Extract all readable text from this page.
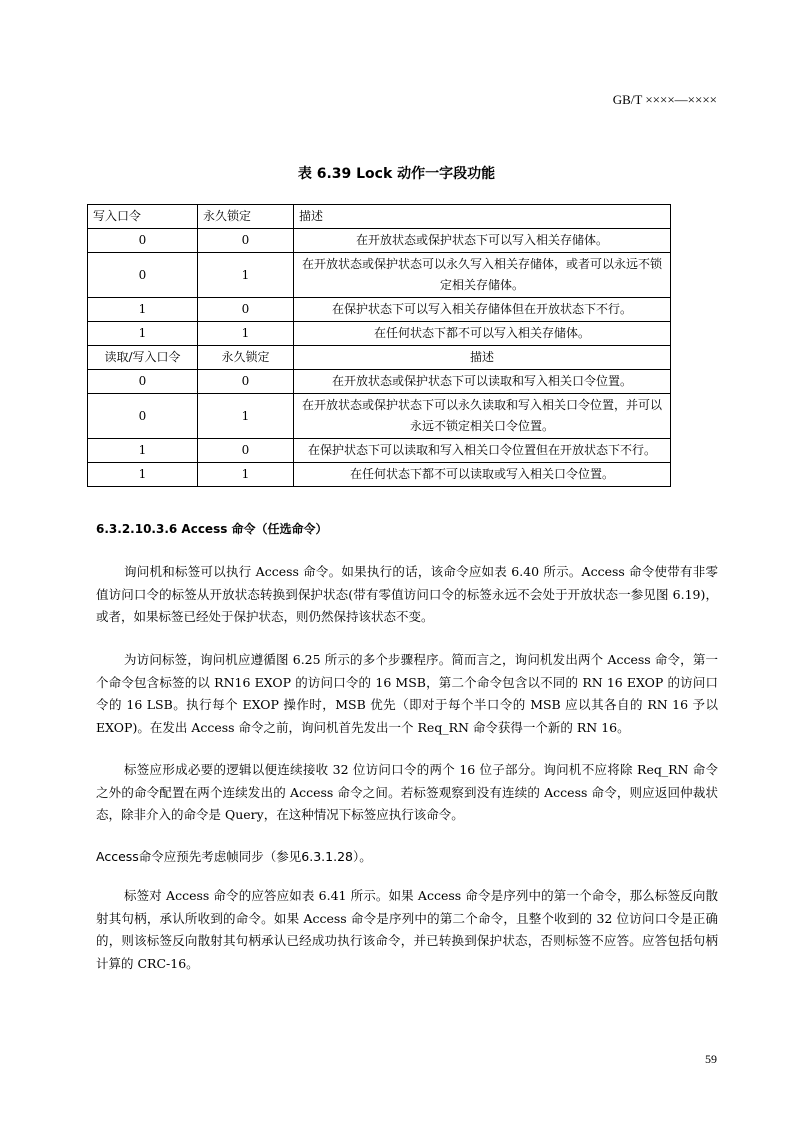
GB/T ××××—××××
表 6.39 Lock 动作一字段功能
写入口令	永久锁定	描述
0	0	在开放状态或保护状态下可以写入相关存储体。
0	1	在开放状态或保护状态可以永久写入相关存储体，或者可以永远不锁定相关存储体。
1	0	在保护状态下可以写入相关存储体但在开放状态下不行。
1	1	在任何状态下都不可以写入相关存储体。
读取/写入口令	永久锁定	描述
0	0	在开放状态或保护状态下可以读取和写入相关口令位置。
0	1	在开放状态或保护状态下可以永久读取和写入相关口令位置，并可以永远不锁定相关口令位置。
1	0	在保护状态下可以读取和写入相关口令位置但在开放状态下不行。
1	1	在任何状态下都不可以读取或写入相关口令位置。
6.3.2.10.3.6 Access 命令（任选命令）

询问机和标签可以执行 Access 命令。如果执行的话，该命令应如表 6.40 所示。Access 命令使带有非零值访问口令的标签从开放状态转换到保护状态(带有零值访问口令的标签永远不会处于开放状态一参见图 6.19)，或者，如果标签已经处于保护状态，则仍然保持该状态不变。

为访问标签，询问机应遵循图 6.25 所示的多个步骤程序。简而言之，询问机发出两个 Access 命令，第一个命令包含标签的以 RN16 EXOP 的访问口令的 16 MSB，第二个命令包含以不同的 RN 16 EXOP 的访问口令的 16 LSB。执行每个 EXOP 操作时，MSB 优先（即对于每个半口令的 MSB 应以其各自的 RN 16 予以 EXOP)。在发出 Access 命令之前，询问机首先发出一个 Req_RN 命令获得一个新的 RN 16。

标签应形成必要的逻辑以便连续接收 32 位访问口令的两个 16 位子部分。询问机不应将除 Req_RN 命令之外的命令配置在两个连续发出的 Access 命令之间。若标签观察到没有连续的 Access 命令，则应返回仲裁状态，除非介入的命令是 Query，在这种情况下标签应执行该命令。

Access命令应预先考虑帧同步（参见6.3.1.28）。

标签对 Access 命令的应答应如表 6.41 所示。如果 Access 命令是序列中的第一个命令，那么标签反向散射其句柄，承认所收到的命令。如果 Access 命令是序列中的第二个命令，且整个收到的 32 位访问口令是正确的，则该标签反向散射其句柄承认已经成功执行该命令，并已转换到保护状态，否则标签不应答。应答包括句柄计算的 CRC-16。

59
